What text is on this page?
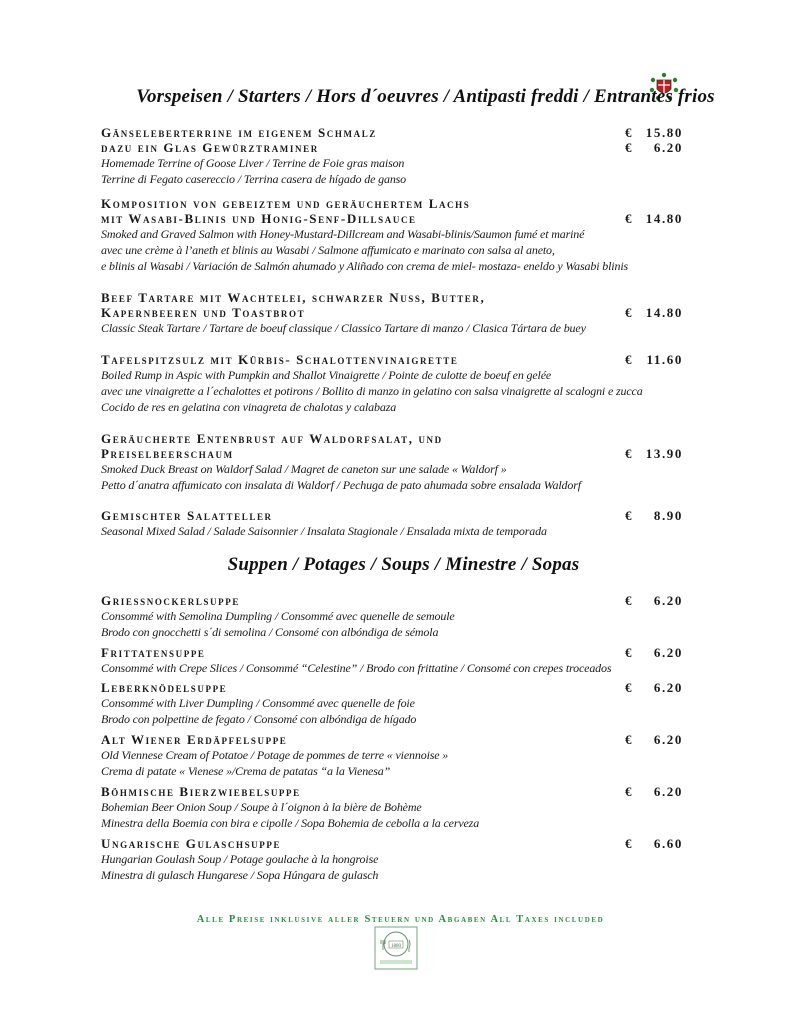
Vorspeisen / Starters / Hors d´oeuvres / Antipasti freddi / Entrantes frios
Gänseleberterrine im eigenem Schmalz
dazu ein Glas Gewürztraminer
Homemade Terrine of Goose Liver / Terrine de Foie gras maison
Terrine di Fegato casereccio / Terrina casera de hígado de ganso
€ 15.80
€ 6.20
Komposition von gebeiztem und geräuchertem Lachs
mit Wasabi-Blinis und Honig-Senf-Dillsauce
Smoked and Graved Salmon with Honey-Mustard-Dillcream and Wasabi-blinis/Saumon fumé et mariné
avec une crème à l’aneth et blinis au Wasabi / Salmone affumicato e marinato con salsa al aneto,
e blinis al Wasabi / Variación de Salmón ahumado y Aliñado con crema de miel- mostaza- eneldo y Wasabi blinis
€ 14.80
Beef Tartare mit Wachtelei, schwarzer Nuss, Butter,
Kapernbeeren und Toastbrot
Classic Steak Tartare / Tartare de boeuf classique / Classico Tartare di manzo / Clasica Tártara de buey
€ 14.80
Tafelspitzsulz mit Kürbis- Schalottenvinaigrette
Boiled Rump in Aspic with Pumpkin and Shallot Vinaigrette / Pointe de culotte de boeuf en gelée
avec une vinaigrette a l´echalottes et potirons / Bollito di manzo in gelatino con salsa vinaigrette al scalogni e zucca
Cocido de res en gelatina con vinagreta de chalotas y calabaza
€ 11.60
Geräucherte Entenbrust auf Waldorfsalat, und
Preiselbeerschaum
Smoked Duck Breast on Waldorf Salad / Magret de caneton sur une salade « Waldorf »
Petto d´anatra affumicato con insalata di Waldorf / Pechuga de pato ahumada sobre ensalada Waldorf
€ 13.90
Gemischter Salatteller
Seasonal Mixed Salad / Salade Saisonnier / Insalata Stagionale / Ensalada mixta de temporada
€ 8.90
Suppen / Potages / Soups / Minestre / Sopas
Griessnockerlsuppe
Consommé with Semolina Dumpling / Consommé avec quenelle de semoule
Brodo con gnocchetti s´di semolina / Consomé con albóndiga de sémola
€ 6.20
Frittatensuppe
Consommé with Crepe Slices / Consommé “Celestine” / Brodo con frittatine / Consomé con crepes troceados
€ 6.20
Leberknödelsuppe
Consommé with Liver Dumpling / Consommé avec quenelle de foie
Brodo con polpettine de fegato / Consomé con albóndiga de hígado
€ 6.20
Alt Wiener Erdäpfelsuppe
Old Viennese Cream of Potatoe / Potage de pommes de terre « viennoise »
Crema di patate « Vienese »/Crema de patatas “a la Vienesa”
€ 6.20
Böhmische Bierzwiebelsuppe
Bohemian Beer Onion Soup / Soupe à l´oignon à la bière de Bohème
Minestra della Boemia con bira e cipolle / Sopa Bohemia de cebolla a la cerveza
€ 6.20
Ungarische Gulaschsuppe
Hungarian Goulash Soup / Potage goulache à la hongroise
Minestra di gulasch Hungarese / Sopa Húngara de gulasch
€ 6.60
Alle Preise inklusive aller Steuern und Abgaben All Taxes included
1880
